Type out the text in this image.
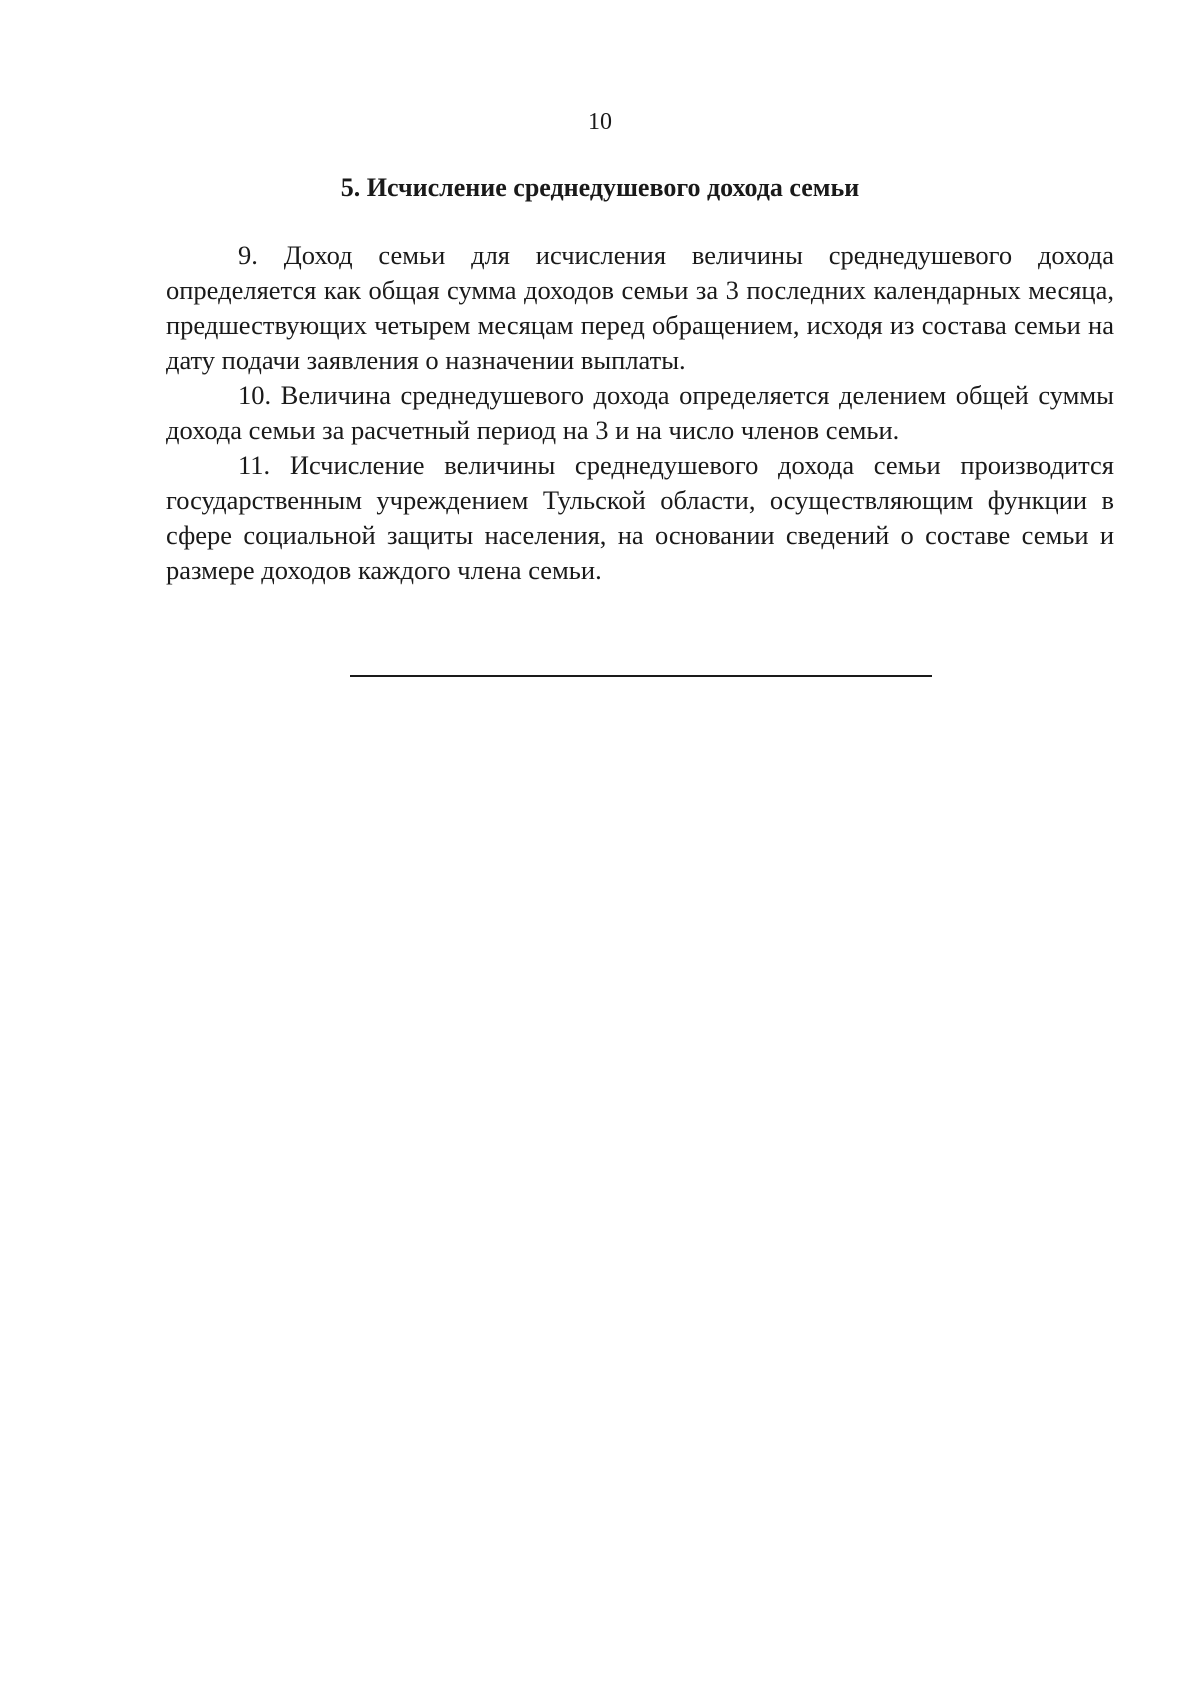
10
5. Исчисление среднедушевого дохода семьи

9. Доход семьи для исчисления величины среднедушевого дохода определяется как общая сумма доходов семьи за 3 последних календарных месяца, предшествующих четырем месяцам перед обращением, исходя из состава семьи на дату подачи заявления о назначении выплаты.

10. Величина среднедушевого дохода определяется делением общей суммы дохода семьи за расчетный период на 3 и на число членов семьи.

11. Исчисление величины среднедушевого дохода семьи производится государственным учреждением Тульской области, осуществляющим функции в сфере социальной защиты населения, на основании сведений о составе семьи и размере доходов каждого члена семьи.
